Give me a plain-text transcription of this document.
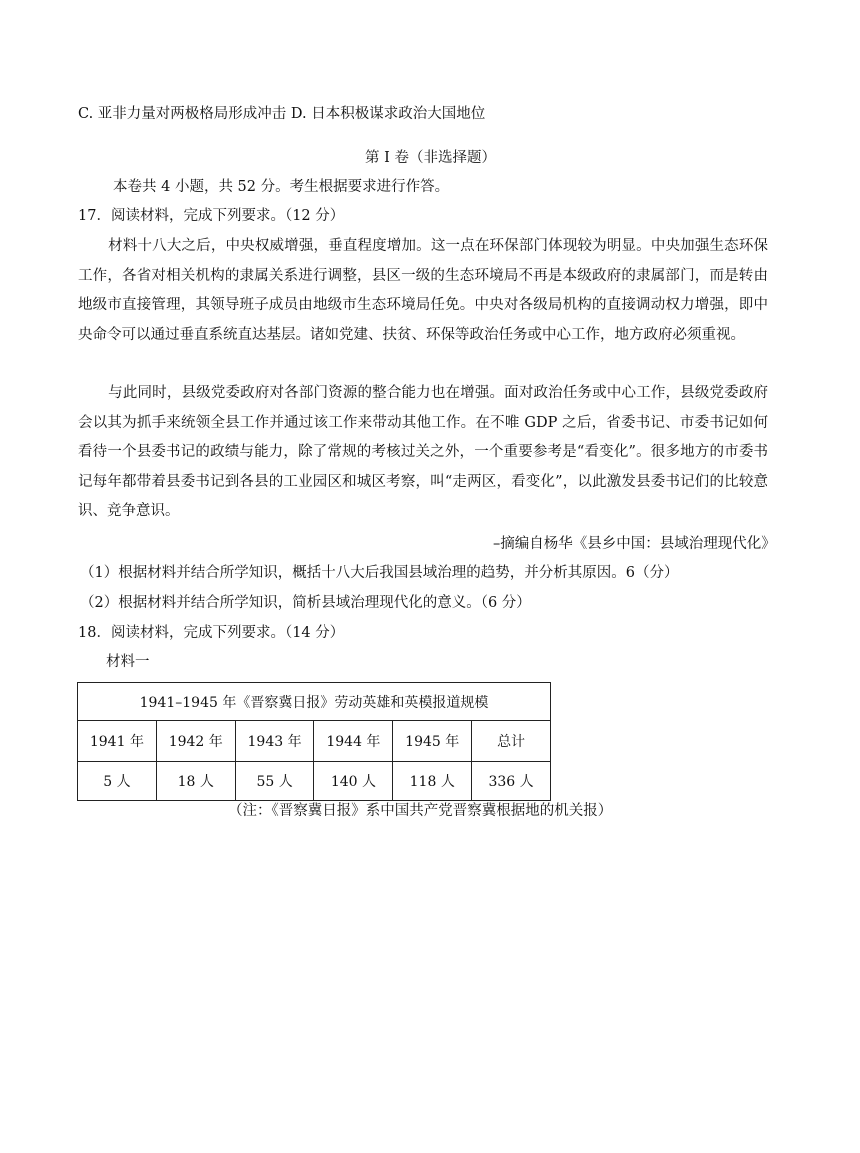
C. 亚非力量对两极格局形成冲击 D. 日本积极谋求政治大国地位
第 I 卷（非选择题）
本卷共 4 小题，共 52 分。考生根据要求进行作答。
17．阅读材料，完成下列要求。（12 分）
材料十八大之后，中央权威增强，垂直程度增加。这一点在环保部门体现较为明显。中央加强生态环保工作，各省对相关机构的隶属关系进行调整，县区一级的生态环境局不再是本级政府的隶属部门，而是转由地级市直接管理，其领导班子成员由地级市生态环境局任免。中央对各级局机构的直接调动权力增强，即中央命令可以通过垂直系统直达基层。诸如党建、扶贫、环保等政治任务或中心工作，地方政府必须重视。
与此同时，县级党委政府对各部门资源的整合能力也在增强。面对政治任务或中心工作，县级党委政府会以其为抓手来统领全县工作并通过该工作来带动其他工作。在不唯 GDP 之后，省委书记、市委书记如何看待一个县委书记的政绩与能力，除了常规的考核过关之外，一个重要参考是“看变化”。很多地方的市委书记每年都带着县委书记到各县的工业园区和城区考察，叫“走两区，看变化”，以此激发县委书记们的比较意识、竞争意识。
–摘编自杨华《县乡中国：县域治理现代化》
（1）根据材料并结合所学知识，概括十八大后我国县域治理的趋势，并分析其原因。6（分）
（2）根据材料并结合所学知识，简析县域治理现代化的意义。（6 分）
18．阅读材料，完成下列要求。（14 分）
材料一
1941–1945 年《晋察冀日报》劳动英雄和英模报道规模					
1941 年	1942 年	1943 年	1944 年	1945 年	总计
5 人	18 人	55 人	140 人	118 人	336 人
（注：《晋察冀日报》系中国共产党晋察冀根据地的机关报）
